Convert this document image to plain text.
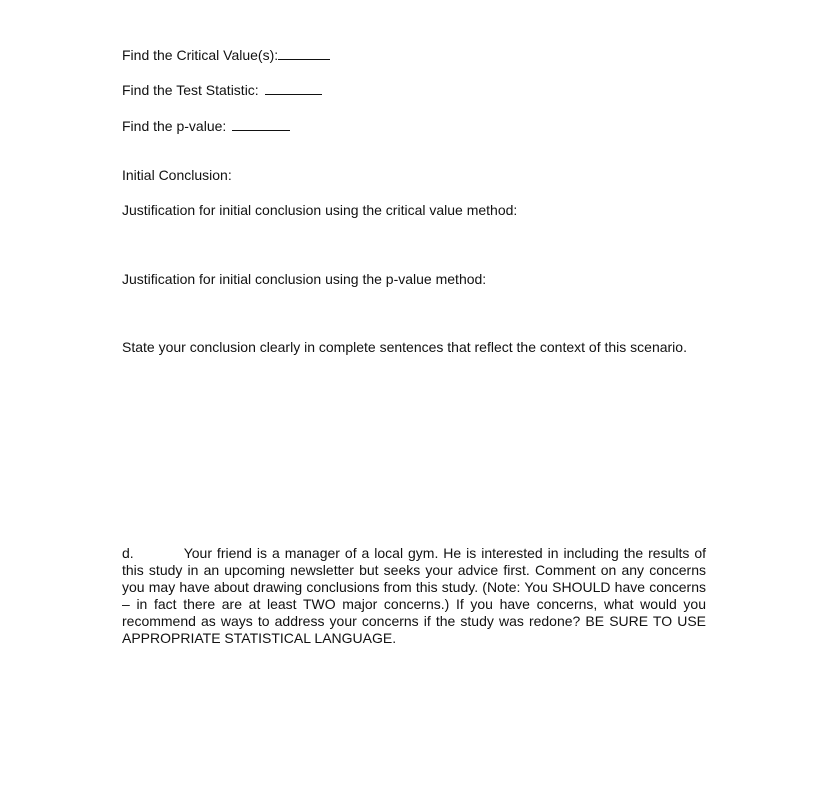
Find the Critical Value(s):
Find the Test Statistic:
Find the p-value:
Initial Conclusion:
Justification for initial conclusion using the critical value method:
Justification for initial conclusion using the p-value method:
State your conclusion clearly in complete sentences that reflect the context of this scenario.
d.	Your friend is a manager of a local gym. He is interested in including the results of this study in an upcoming newsletter but seeks your advice first. Comment on any concerns you may have about drawing conclusions from this study. (Note: You SHOULD have concerns – in fact there are at least TWO major concerns.) If you have concerns, what would you recommend as ways to address your concerns if the study was redone? BE SURE TO USE APPROPRIATE STATISTICAL LANGUAGE.
